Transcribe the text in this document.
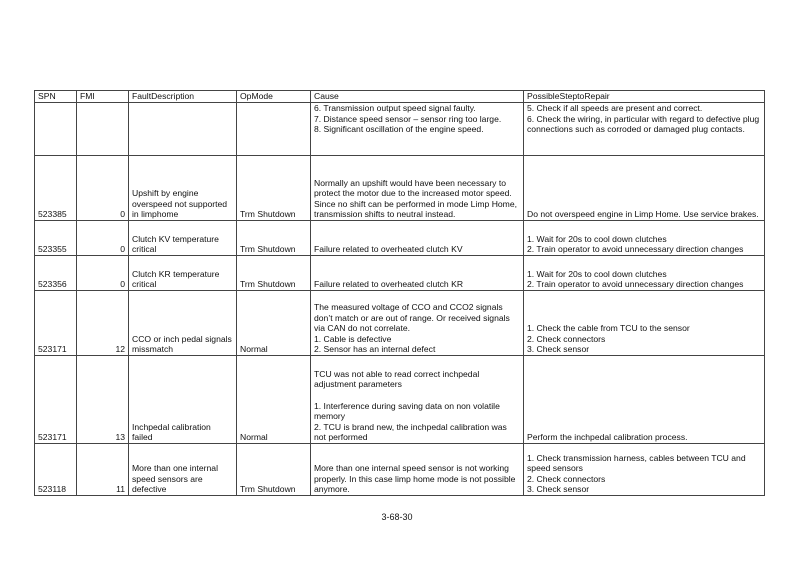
SPN	FMI	FaultDescription	OpMode	Cause	PossibleSteptoRepair
				6. Transmission output speed signal faulty.
7. Distance speed sensor – sensor ring too large.
8. Significant oscillation of the engine speed.	5. Check if all speeds are present and correct.
6. Check the wiring, in particular with regard to defective plug connections such as corroded or damaged plug contacts.
523385	0	Upshift by engine overspeed not supported in limphome	Trm Shutdown	Normally an upshift would have been necessary to protect the motor due to the increased motor speed. Since no shift can be performed in mode Limp Home, transmission shifts to neutral instead.	Do not overspeed engine in Limp Home. Use service brakes.
523355	0	Clutch KV temperature critical	Trm Shutdown	Failure related to overheated clutch KV	1. Wait for 20s to cool down clutches
2. Train operator to avoid unnecessary direction changes
523356	0	Clutch KR temperature critical	Trm Shutdown	Failure related to overheated clutch KR	1. Wait for 20s to cool down clutches
2. Train operator to avoid unnecessary direction changes
523171	12	CCO or inch pedal signals missmatch	Normal	The measured voltage of CCO and CCO2 signals don’t match or are out of range. Or received signals via CAN do not correlate.
1. Cable is defective
2. Sensor has an internal defect	1. Check the cable from TCU to the sensor
2. Check connectors
3. Check sensor
523171	13	Inchpedal calibration failed	Normal	TCU was not able to read correct inchpedal adjustment parameters

1. Interference during saving data on non volatile memory
2. TCU is brand new, the inchpedal calibration was not performed	Perform the inchpedal calibration process.
523118	11	More than one internal speed sensors are defective	Trm Shutdown	More than one internal speed sensor is not working properly. In this case limp home mode is not possible anymore.	1. Check transmission harness, cables between TCU and speed sensors
2. Check connectors
3. Check sensor
3-68-30
